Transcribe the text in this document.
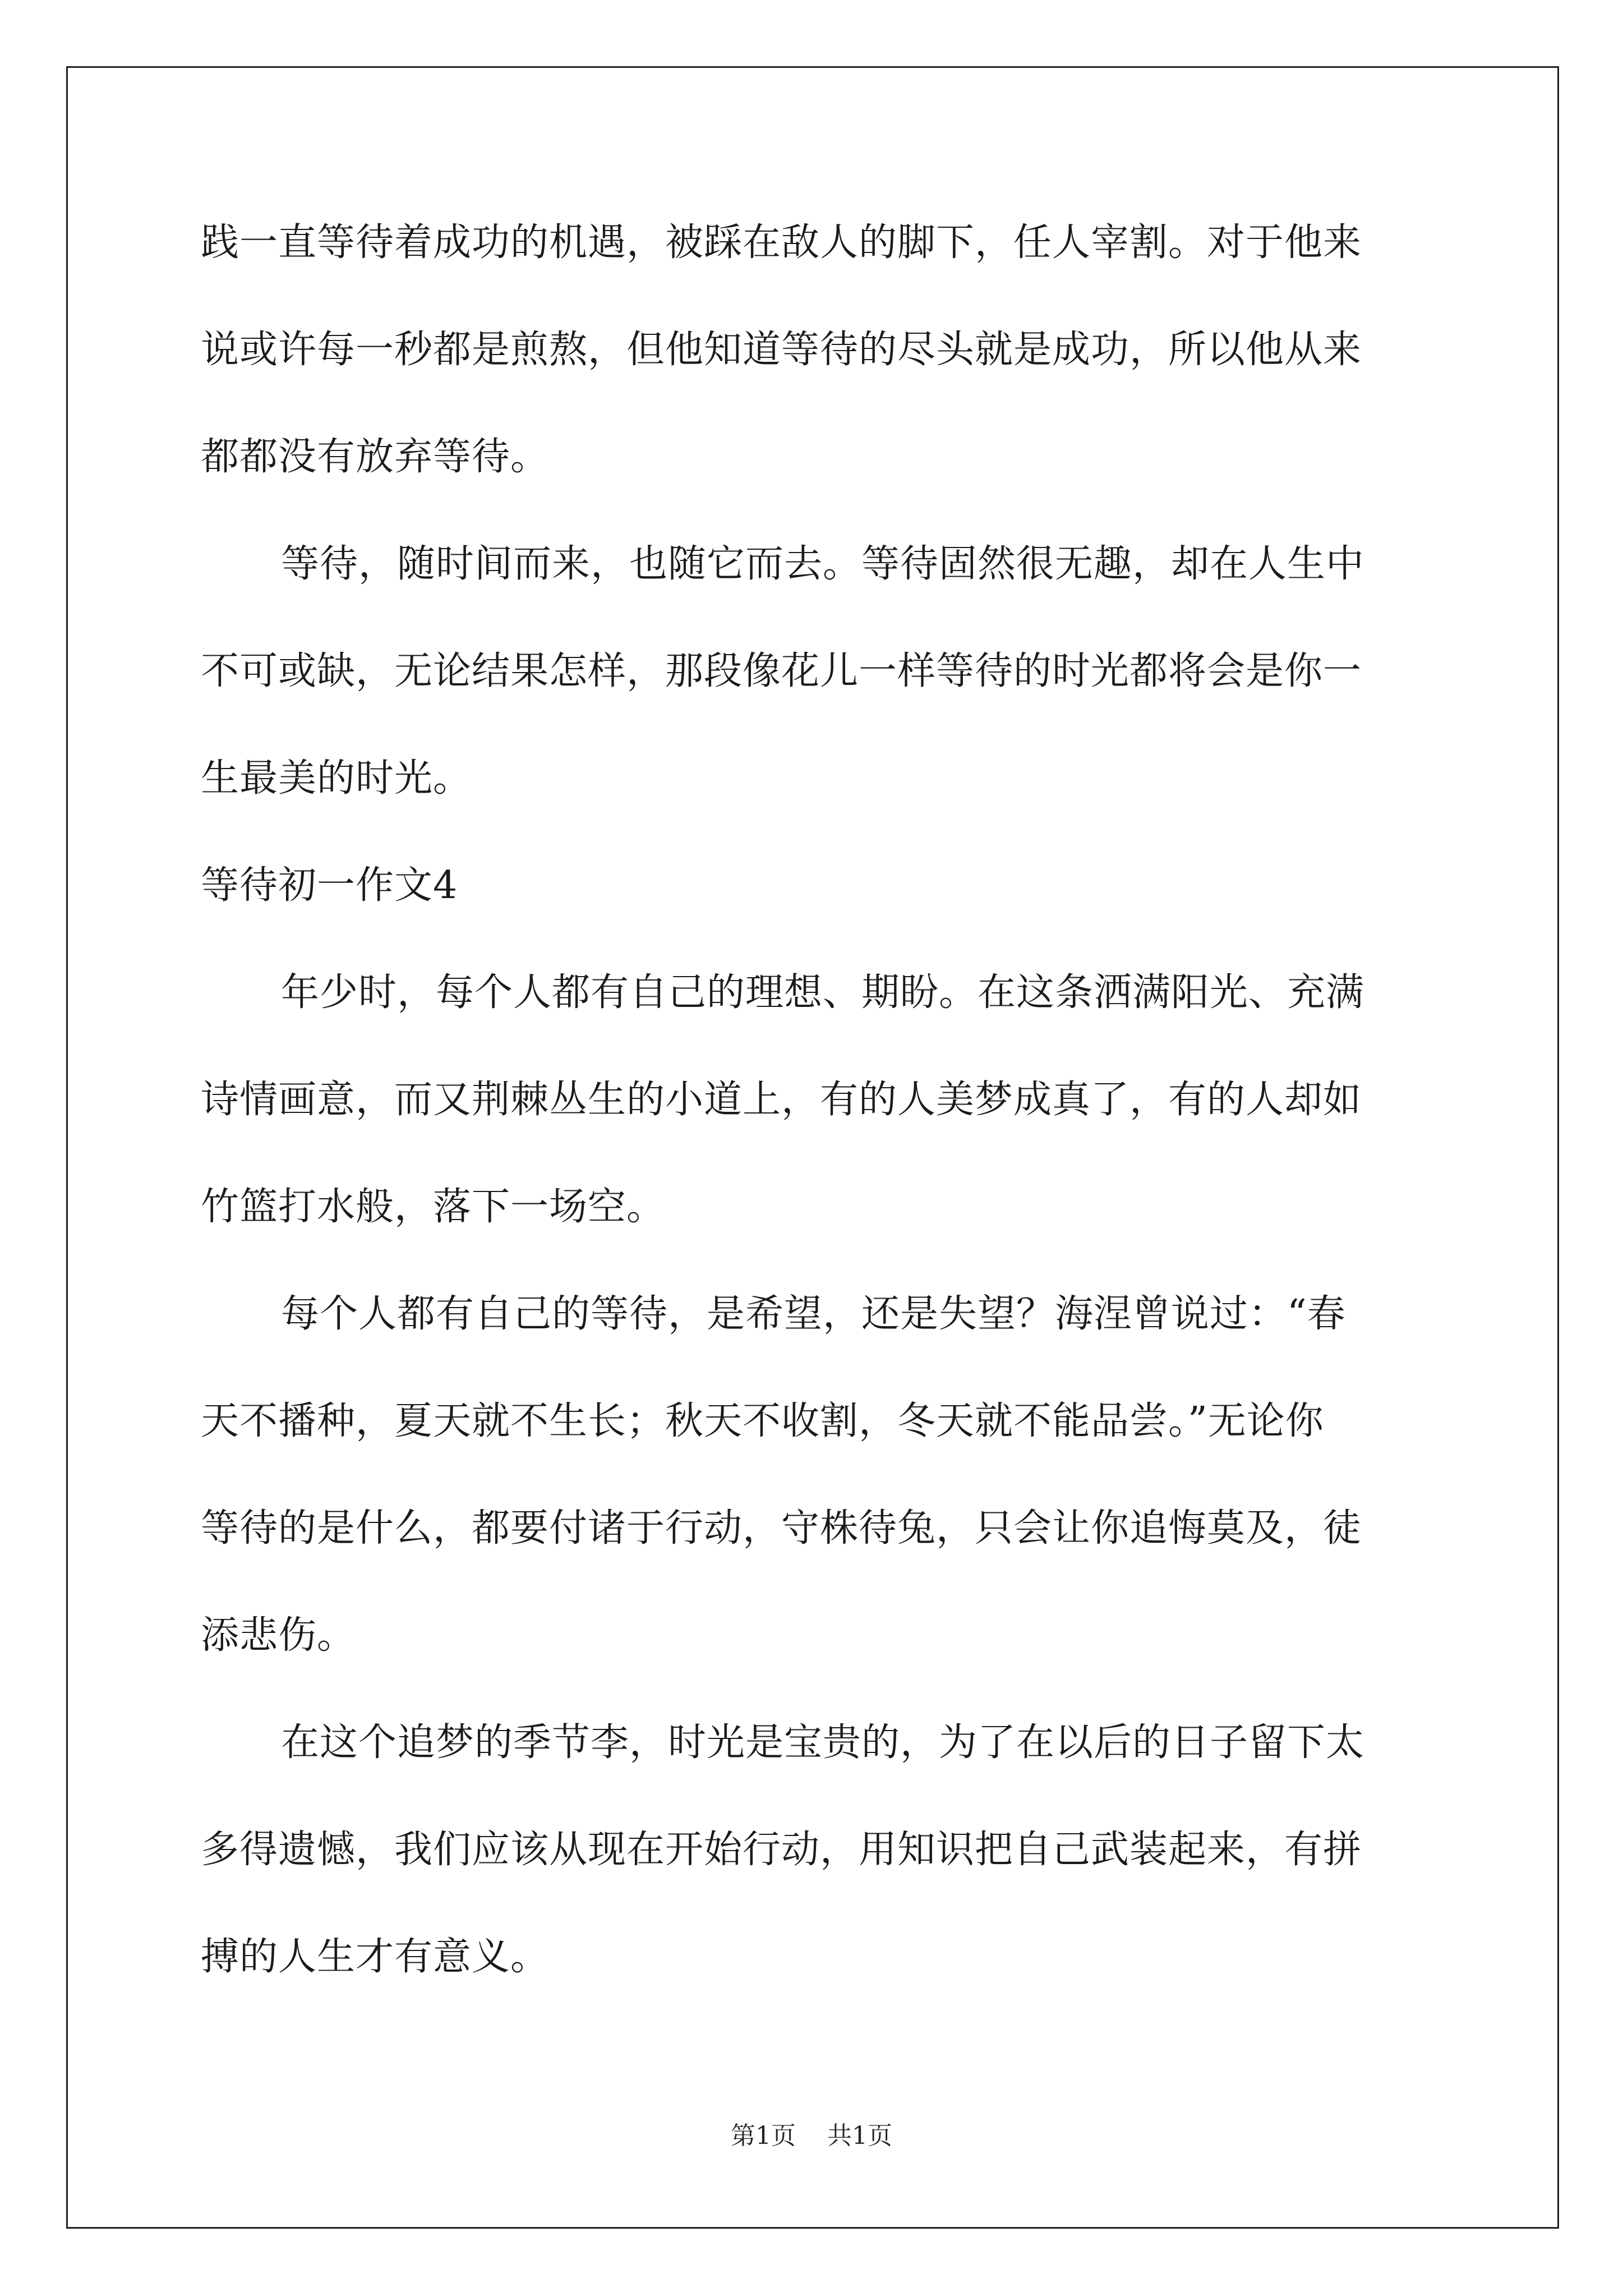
践一直等待着成功的机遇，被踩在敌人的脚下，任人宰割。对于他来
说或许每一秒都是煎熬，但他知道等待的尽头就是成功，所以他从来
都都没有放弃等待。
等待，随时间而来，也随它而去。等待固然很无趣，却在人生中
不可或缺，无论结果怎样，那段像花儿一样等待的时光都将会是你一
生最美的时光。
等待初一作文4
年少时，每个人都有自己的理想、期盼。在这条洒满阳光、充满
诗情画意，而又荆棘丛生的小道上，有的人美梦成真了，有的人却如
竹篮打水般，落下一场空。
每个人都有自己的等待，是希望，还是失望？海涅曾说过：“春
天不播种，夏天就不生长；秋天不收割，冬天就不能品尝。”无论你
等待的是什么，都要付诸于行动，守株待兔，只会让你追悔莫及，徒
添悲伤。
在这个追梦的季节李，时光是宝贵的，为了在以后的日子留下太
多得遗憾，我们应该从现在开始行动，用知识把自己武装起来，有拼
搏的人生才有意义。
第1页 共1页
